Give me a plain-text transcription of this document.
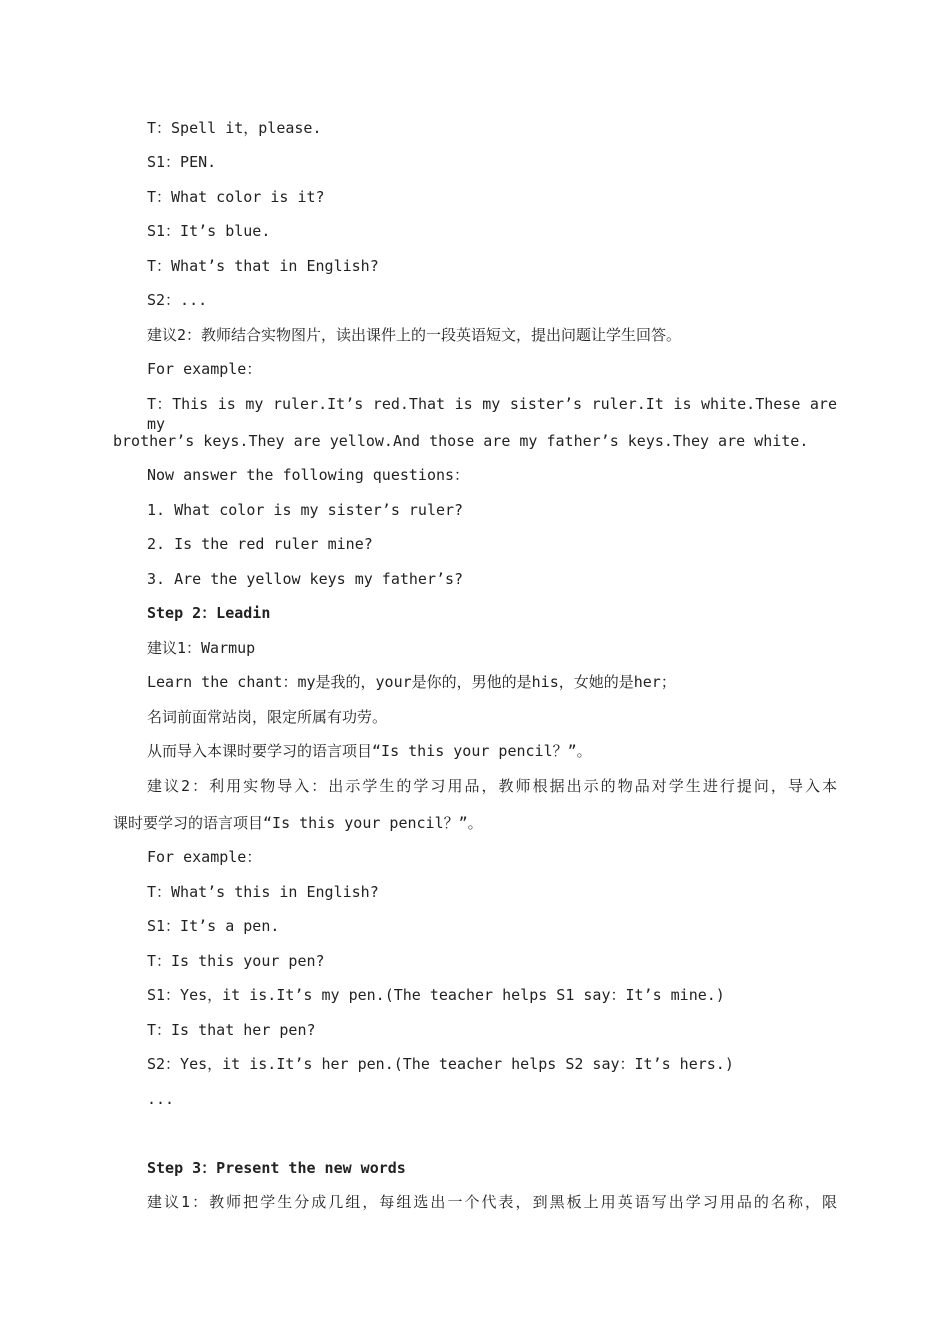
T：Spell it，please.
S1：PEN.
T：What color is it?
S1：It’s blue.
T：What’s that in English?
S2：...
建议2：教师结合实物图片，读出课件上的一段英语短文，提出问题让学生回答。
For example：
T：This is my ruler.It’s red.That is my sister’s ruler.It is white.These are my
brother’s keys.They are yellow.And those are my father’s keys.They are white.
Now answer the following questions：
1. What color is my sister’s ruler?
2. Is the red ruler mine?
3. Are the yellow keys my father’s?
Step 2：Leadin
建议1：Warmup
Learn the chant：my是我的，your是你的，男他的是his，女她的是her；
名词前面常站岗，限定所属有功劳。
从而导入本课时要学习的语言项目“Is this your pencil？”。
建议2：利用实物导入：出示学生的学习用品，教师根据出示的物品对学生进行提问，导入本
课时要学习的语言项目“Is this your pencil？”。
For example：
T：What’s this in English?
S1：It’s a pen.
T：Is this your pen?
S1：Yes，it is.It’s my pen.(The teacher helps S1 say：It’s mine.)
T：Is that her pen?
S2：Yes，it is.It’s her pen.(The teacher helps S2 say：It’s hers.)
...
Step 3：Present the new words
建议1：教师把学生分成几组，每组选出一个代表，到黑板上用英语写出学习用品的名称，限
